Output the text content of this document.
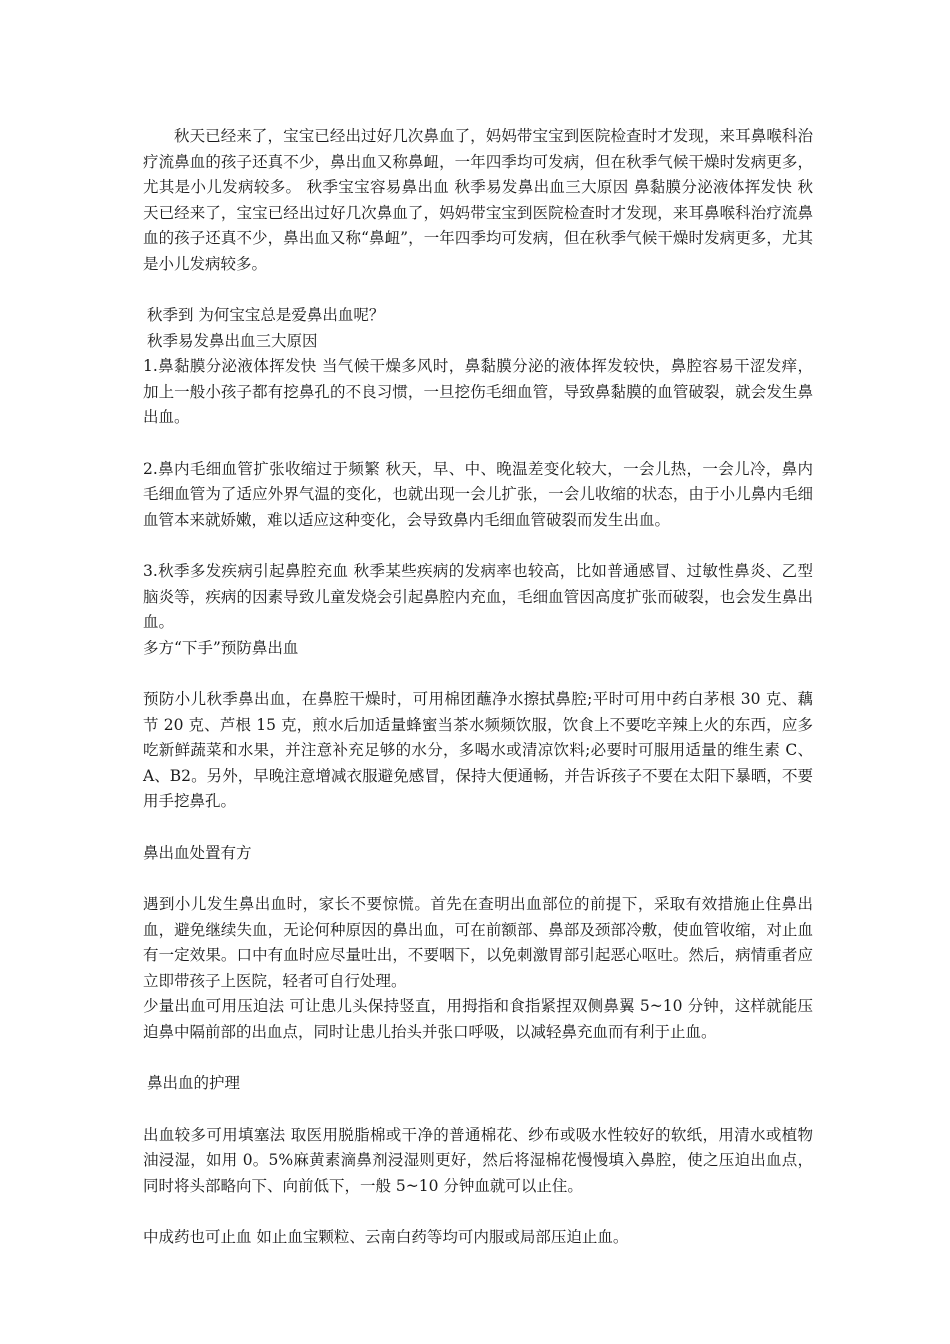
秋天已经来了，宝宝已经出过好几次鼻血了，妈妈带宝宝到医院检查时才发现，来耳鼻喉科治疗流鼻血的孩子还真不少，鼻出血又称鼻衄，一年四季均可发病，但在秋季气候干燥时发病更多，尤其是小儿发病较多。 秋季宝宝容易鼻出血 秋季易发鼻出血三大原因 鼻黏膜分泌液体挥发快 秋天已经来了，宝宝已经出过好几次鼻血了，妈妈带宝宝到医院检查时才发现，来耳鼻喉科治疗流鼻血的孩子还真不少，鼻出血又称“鼻衄”，一年四季均可发病，但在秋季气候干燥时发病更多，尤其是小儿发病较多。

秋季到 为何宝宝总是爱鼻出血呢？

秋季易发鼻出血三大原因

1.鼻黏膜分泌液体挥发快 当气候干燥多风时，鼻黏膜分泌的液体挥发较快，鼻腔容易干涩发痒，加上一般小孩子都有挖鼻孔的不良习惯，一旦挖伤毛细血管，导致鼻黏膜的血管破裂，就会发生鼻出血。

2.鼻内毛细血管扩张收缩过于频繁 秋天，早、中、晚温差变化较大，一会儿热，一会儿冷，鼻内毛细血管为了适应外界气温的变化，也就出现一会儿扩张，一会儿收缩的状态，由于小儿鼻内毛细血管本来就娇嫩，难以适应这种变化，会导致鼻内毛细血管破裂而发生出血。

3.秋季多发疾病引起鼻腔充血 秋季某些疾病的发病率也较高，比如普通感冒、过敏性鼻炎、乙型脑炎等，疾病的因素导致儿童发烧会引起鼻腔内充血，毛细血管因高度扩张而破裂，也会发生鼻出血。

多方“下手”预防鼻出血

预防小儿秋季鼻出血，在鼻腔干燥时，可用棉团蘸净水擦拭鼻腔;平时可用中药白茅根 30 克、藕节 20 克、芦根 15 克，煎水后加适量蜂蜜当茶水频频饮服，饮食上不要吃辛辣上火的东西，应多吃新鲜蔬菜和水果，并注意补充足够的水分，多喝水或清凉饮料;必要时可服用适量的维生素 C、A、B2。另外，早晚注意增减衣服避免感冒，保持大便通畅，并告诉孩子不要在太阳下暴晒，不要用手挖鼻孔。

鼻出血处置有方

遇到小儿发生鼻出血时，家长不要惊慌。首先在查明出血部位的前提下，采取有效措施止住鼻出血，避免继续失血，无论何种原因的鼻出血，可在前额部、鼻部及颈部冷敷，使血管收缩，对止血有一定效果。口中有血时应尽量吐出，不要咽下，以免刺激胃部引起恶心呕吐。然后，病情重者应立即带孩子上医院，轻者可自行处理。

少量出血可用压迫法 可让患儿头保持竖直，用拇指和食指紧捏双侧鼻翼 5~10 分钟，这样就能压迫鼻中隔前部的出血点，同时让患儿抬头并张口呼吸，以减轻鼻充血而有利于止血。

鼻出血的护理

出血较多可用填塞法 取医用脱脂棉或干净的普通棉花、纱布或吸水性较好的软纸，用清水或植物油浸湿，如用 0。5%麻黄素滴鼻剂浸湿则更好，然后将湿棉花慢慢填入鼻腔，使之压迫出血点，同时将头部略向下、向前低下，一般 5~10 分钟血就可以止住。

中成药也可止血 如止血宝颗粒、云南白药等均可内服或局部压迫止血。
